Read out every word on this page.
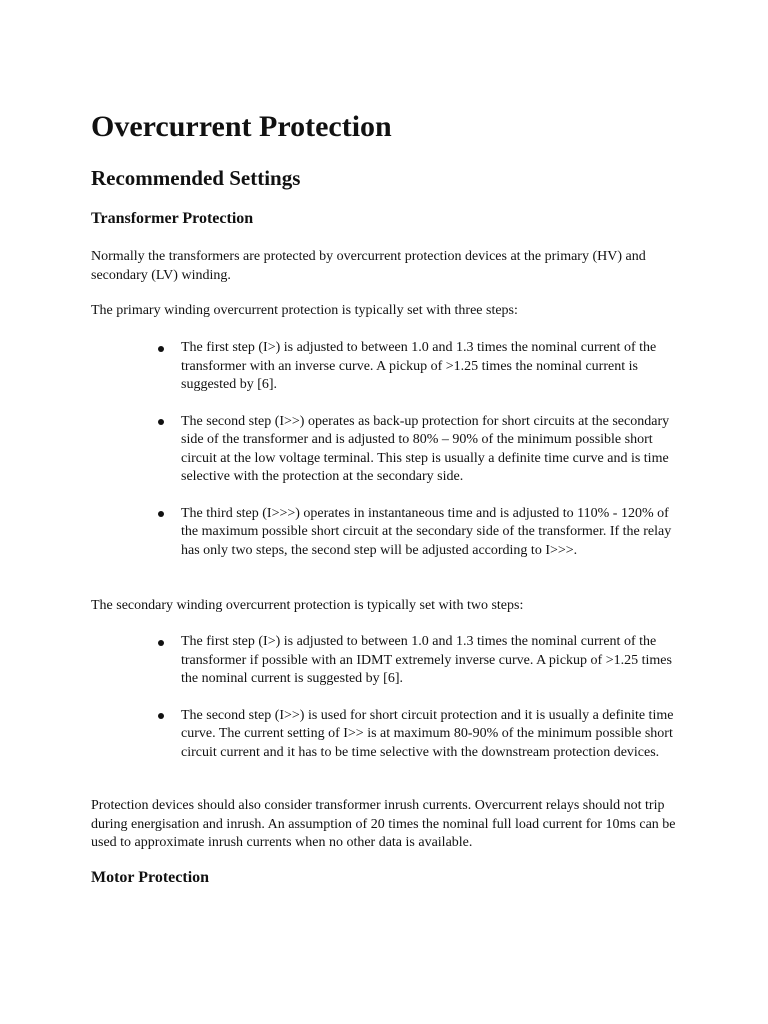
Overcurrent Protection
Recommended Settings
Transformer Protection

Normally the transformers are protected by overcurrent protection devices at the primary (HV) and secondary (LV) winding.

The primary winding overcurrent protection is typically set with three steps:

The first step (I>) is adjusted to between 1.0 and 1.3 times the nominal current of the transformer with an inverse curve. A pickup of >1.25 times the nominal current is suggested by [6].
The second step (I>>) operates as back-up protection for short circuits at the secondary side of the transformer and is adjusted to 80% – 90% of the minimum possible short circuit at the low voltage terminal. This step is usually a definite time curve and is time selective with the protection at the secondary side.
The third step (I>>>) operates in instantaneous time and is adjusted to 110% - 120% of the maximum possible short circuit at the secondary side of the transformer. If the relay has only two steps, the second step will be adjusted according to I>>>.

The secondary winding overcurrent protection is typically set with two steps:

The first step (I>) is adjusted to between 1.0 and 1.3 times the nominal current of the transformer if possible with an IDMT extremely inverse curve. A pickup of >1.25 times the nominal current is suggested by [6].
The second step (I>>) is used for short circuit protection and it is usually a definite time curve. The current setting of I>> is at maximum 80-90% of the minimum possible short circuit current and it has to be time selective with the downstream protection devices.

Protection devices should also consider transformer inrush currents. Overcurrent relays should not trip during energisation and inrush. An assumption of 20 times the nominal full load current for 10ms can be used to approximate inrush currents when no other data is available.

Motor Protection
